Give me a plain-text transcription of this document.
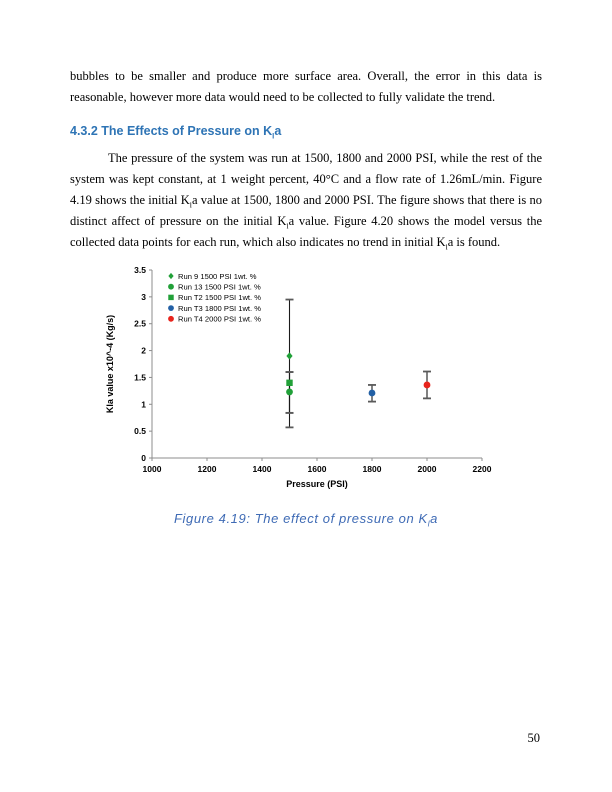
bubbles to be smaller and produce more surface area. Overall, the error in this data is reasonable, however more data would need to be collected to fully validate the trend.

4.3.2 The Effects of Pressure on $K_la$

The pressure of the system was run at 1500, 1800 and 2000 PSI, while the rest of the system was kept constant, at 1 weight percent, 40°C and a flow rate of 1.26mL/min. Figure 4.19 shows the initial $K_la$ value at 1500, 1800 and 2000 PSI. The figure shows that there is no distinct affect of pressure on the initial $K_la$ value. Figure 4.20 shows the model versus the collected data points for each run, which also indicates no trend in initial $K_la$ is found.

1000	1200	1400	1600	1800	2000	2200
0
0.5
1
1.5
2
2.5
3
3.5
Pressure (PSI)
Kla value x10^-4 (Kg/s)
Run 9 1500 PSI 1wt. %
Run 13 1500 PSI 1wt. %
Run T2 1500 PSI 1wt. %
Run T3 1800 PSI 1wt. %
Run T4 2000 PSI 1wt. %

Figure 4.19: The effect of pressure on $K_la$

50
